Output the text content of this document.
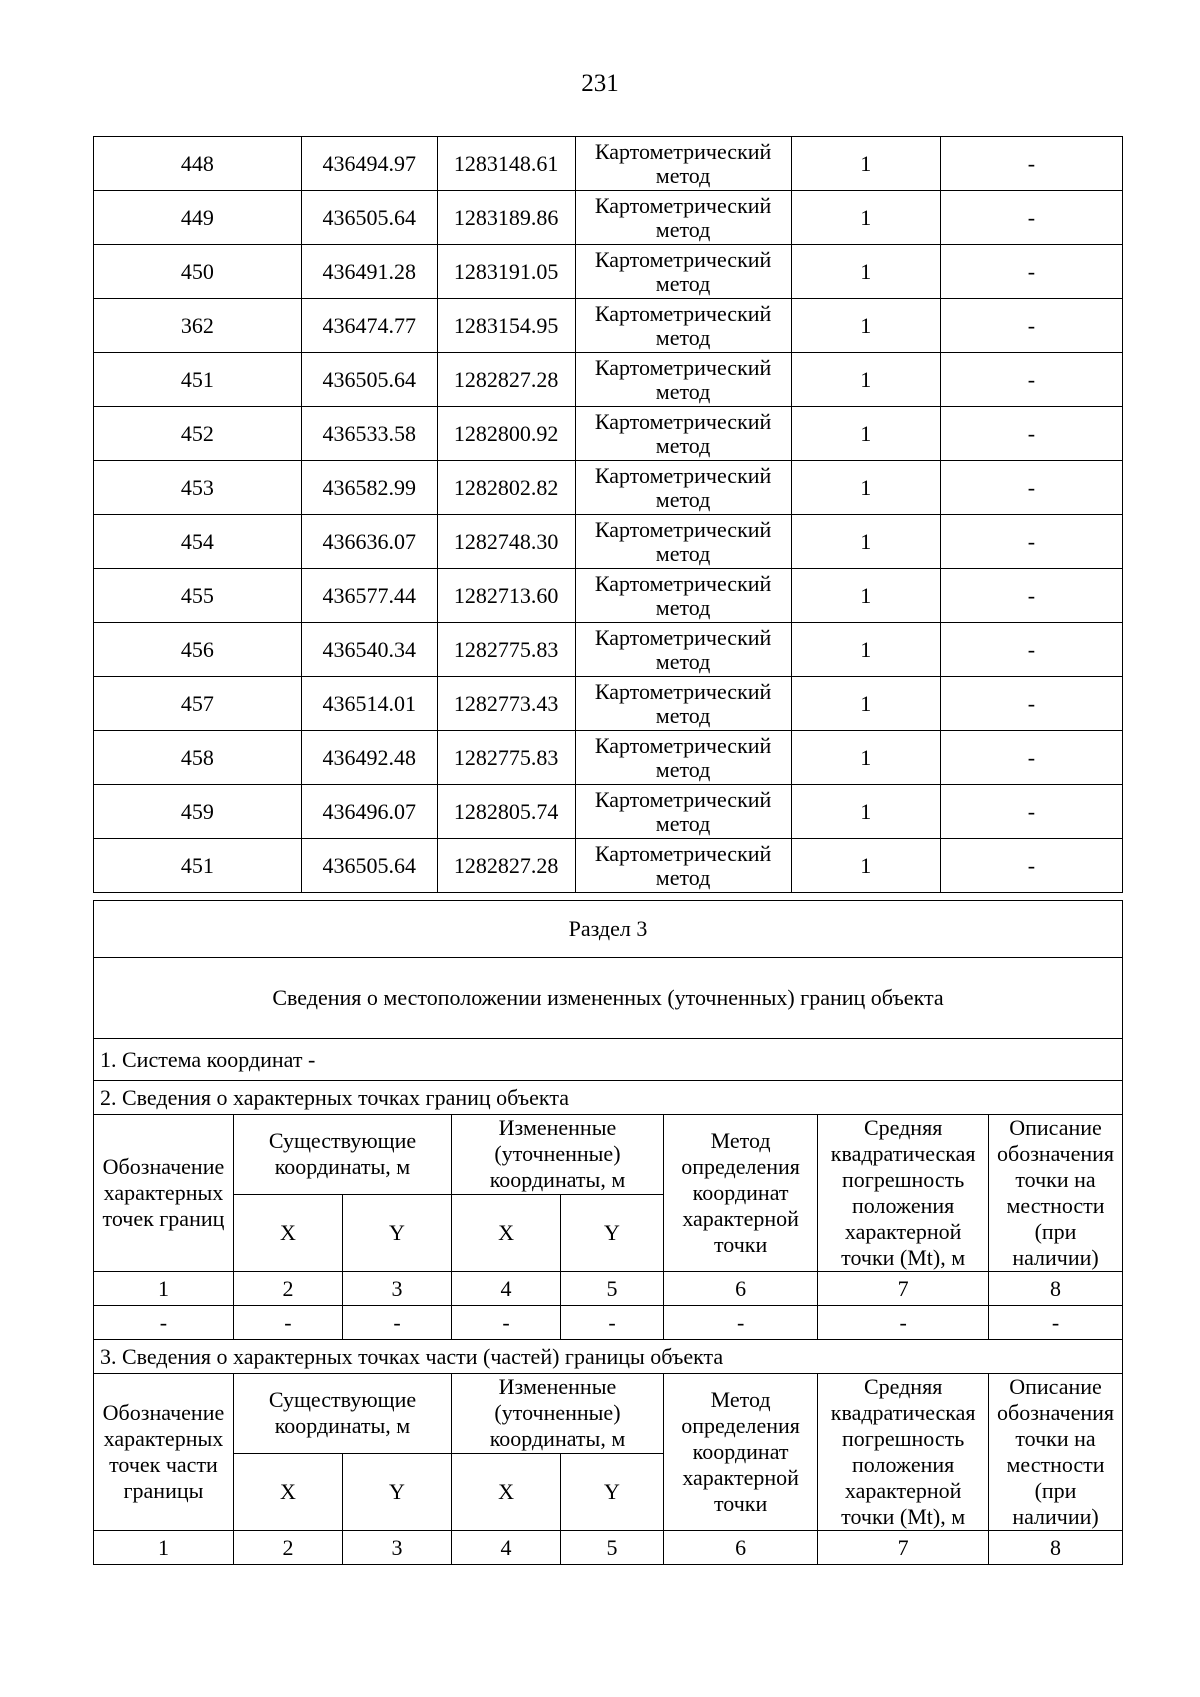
231
448	436494.97	1283148.61	Картометрический метод	1	-
449	436505.64	1283189.86	Картометрический метод	1	-
450	436491.28	1283191.05	Картометрический метод	1	-
362	436474.77	1283154.95	Картометрический метод	1	-
451	436505.64	1282827.28	Картометрический метод	1	-
452	436533.58	1282800.92	Картометрический метод	1	-
453	436582.99	1282802.82	Картометрический метод	1	-
454	436636.07	1282748.30	Картометрический метод	1	-
455	436577.44	1282713.60	Картометрический метод	1	-
456	436540.34	1282775.83	Картометрический метод	1	-
457	436514.01	1282773.43	Картометрический метод	1	-
458	436492.48	1282775.83	Картометрический метод	1	-
459	436496.07	1282805.74	Картометрический метод	1	-
451	436505.64	1282827.28	Картометрический метод	1	-
Раздел 3							
Сведения о местоположении измененных (уточненных) границ объекта							
1. Система координат -							
2. Сведения о характерных точках границ объекта							
Обозначение характерных точек границ	Существующие координаты, м		Измененные (уточненные) координаты, м		Метод определения координат характерной точки	Средняя квадратическая погрешность положения характерной точки (Mt), м	Описание обозначения точки на местности (при наличии)
	X	Y	X	Y			
1	2	3	4	5	6	7	8
-	-	-	-	-	-	-	-
3. Сведения о характерных точках части (частей) границы объекта							
Обозначение характерных точек части границы	Существующие координаты, м		Измененные (уточненные) координаты, м		Метод определения координат характерной точки	Средняя квадратическая погрешность положения характерной точки (Mt), м	Описание обозначения точки на местности (при наличии)
	X	Y	X	Y			
1	2	3	4	5	6	7	8
